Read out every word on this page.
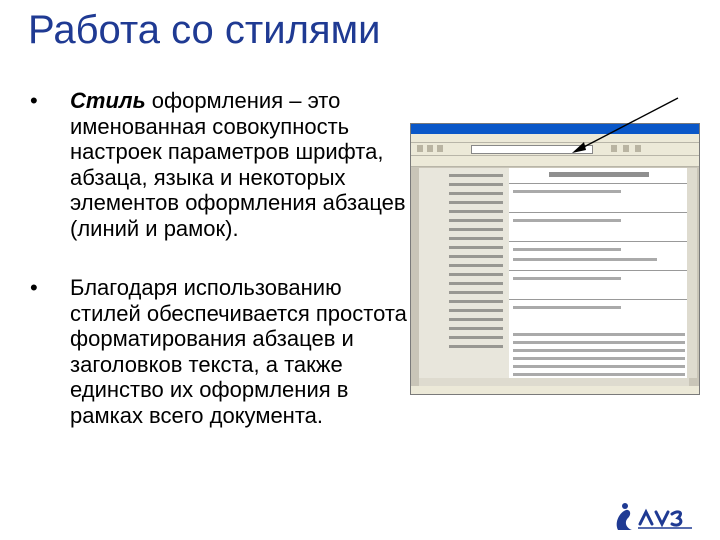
Работа со стилями
• Стиль оформления – это именованная совокупность настроек параметров шрифта, абзаца, языка и некоторых элементов оформления абзацев (линий и рамок).
• Благодаря использованию стилей обеспечивается простота форматирования абзацев и заголовков текста, а также единство их оформления в рамках всего документа.
